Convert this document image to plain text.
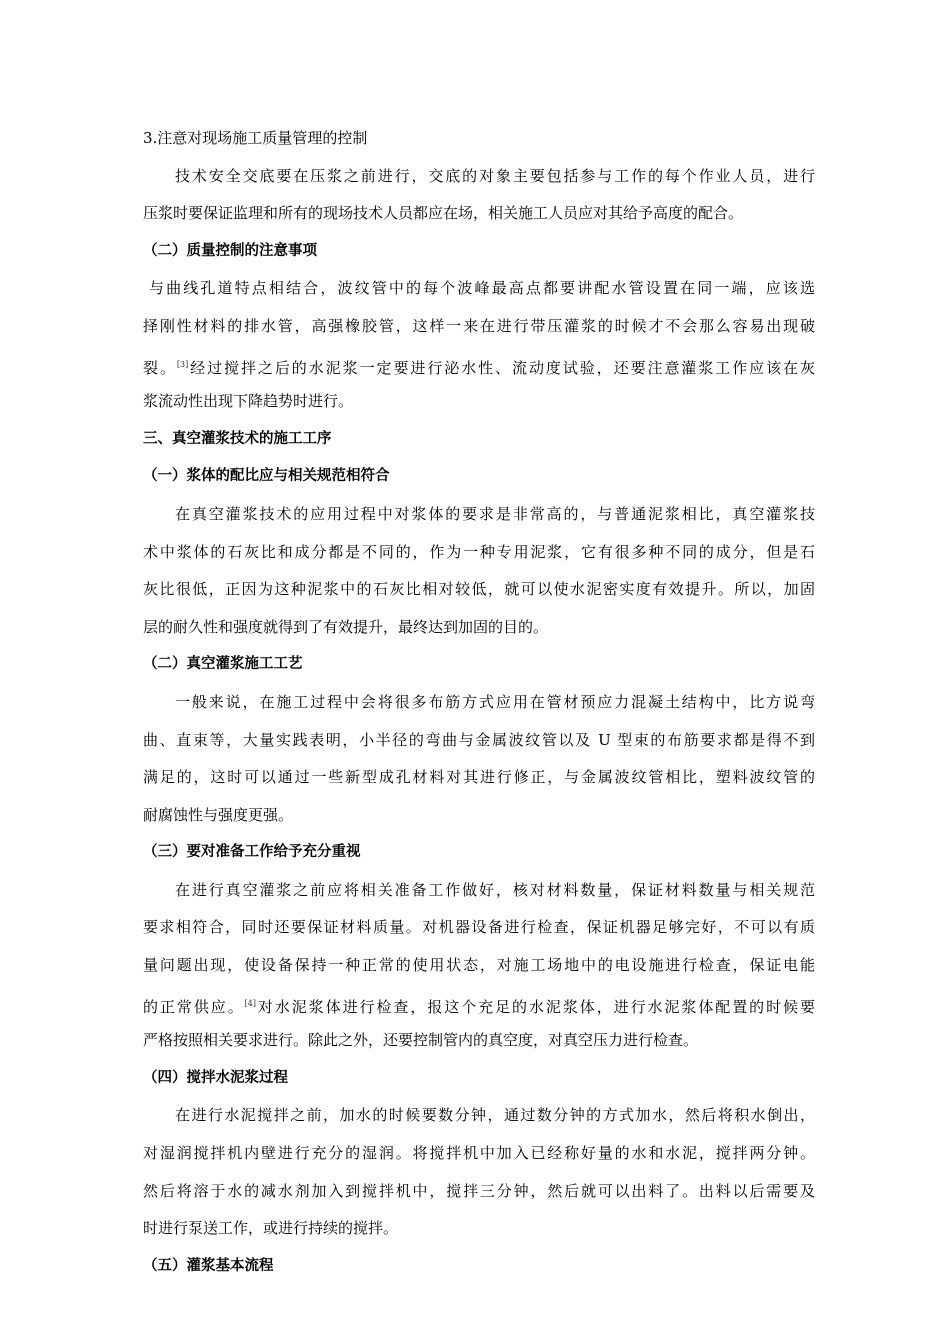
3.注意对现场施工质量管理的控制
技术安全交底要在压浆之前进行，交底的对象主要包括参与工作的每个作业人员，进行
压浆时要保证监理和所有的现场技术人员都应在场，相关施工人员应对其给予高度的配合。
（二）质量控制的注意事项
与曲线孔道特点相结合，波纹管中的每个波峰最高点都要讲配水管设置在同一端，应该选
择刚性材料的排水管，高强橡胶管，这样一来在进行带压灌浆的时候才不会那么容易出现破
裂。[3]经过搅拌之后的水泥浆一定要进行泌水性、流动度试验，还要注意灌浆工作应该在灰
浆流动性出现下降趋势时进行。
三、真空灌浆技术的施工工序
（一）浆体的配比应与相关规范相符合
在真空灌浆技术的应用过程中对浆体的要求是非常高的，与普通泥浆相比，真空灌浆技
术中浆体的石灰比和成分都是不同的，作为一种专用泥浆，它有很多种不同的成分，但是石
灰比很低，正因为这种泥浆中的石灰比相对较低，就可以使水泥密实度有效提升。所以，加固
层的耐久性和强度就得到了有效提升，最终达到加固的目的。
（二）真空灌浆施工工艺
一般来说，在施工过程中会将很多布筋方式应用在管材预应力混凝土结构中，比方说弯
曲、直束等，大量实践表明，小半径的弯曲与金属波纹管以及 U 型束的布筋要求都是得不到
满足的，这时可以通过一些新型成孔材料对其进行修正，与金属波纹管相比，塑料波纹管的
耐腐蚀性与强度更强。
（三）要对准备工作给予充分重视
在进行真空灌浆之前应将相关准备工作做好，核对材料数量，保证材料数量与相关规范
要求相符合，同时还要保证材料质量。对机器设备进行检查，保证机器足够完好，不可以有质
量问题出现，使设备保持一种正常的使用状态，对施工场地中的电设施进行检查，保证电能
的正常供应。[4]对水泥浆体进行检查，报这个充足的水泥浆体，进行水泥浆体配置的时候要
严格按照相关要求进行。除此之外，还要控制管内的真空度，对真空压力进行检查。
（四）搅拌水泥浆过程
在进行水泥搅拌之前，加水的时候要数分钟，通过数分钟的方式加水，然后将积水倒出，
对湿润搅拌机内壁进行充分的湿润。将搅拌机中加入已经称好量的水和水泥，搅拌两分钟。
然后将溶于水的减水剂加入到搅拌机中，搅拌三分钟，然后就可以出料了。出料以后需要及
时进行泵送工作，或进行持续的搅拌。
（五）灌浆基本流程
